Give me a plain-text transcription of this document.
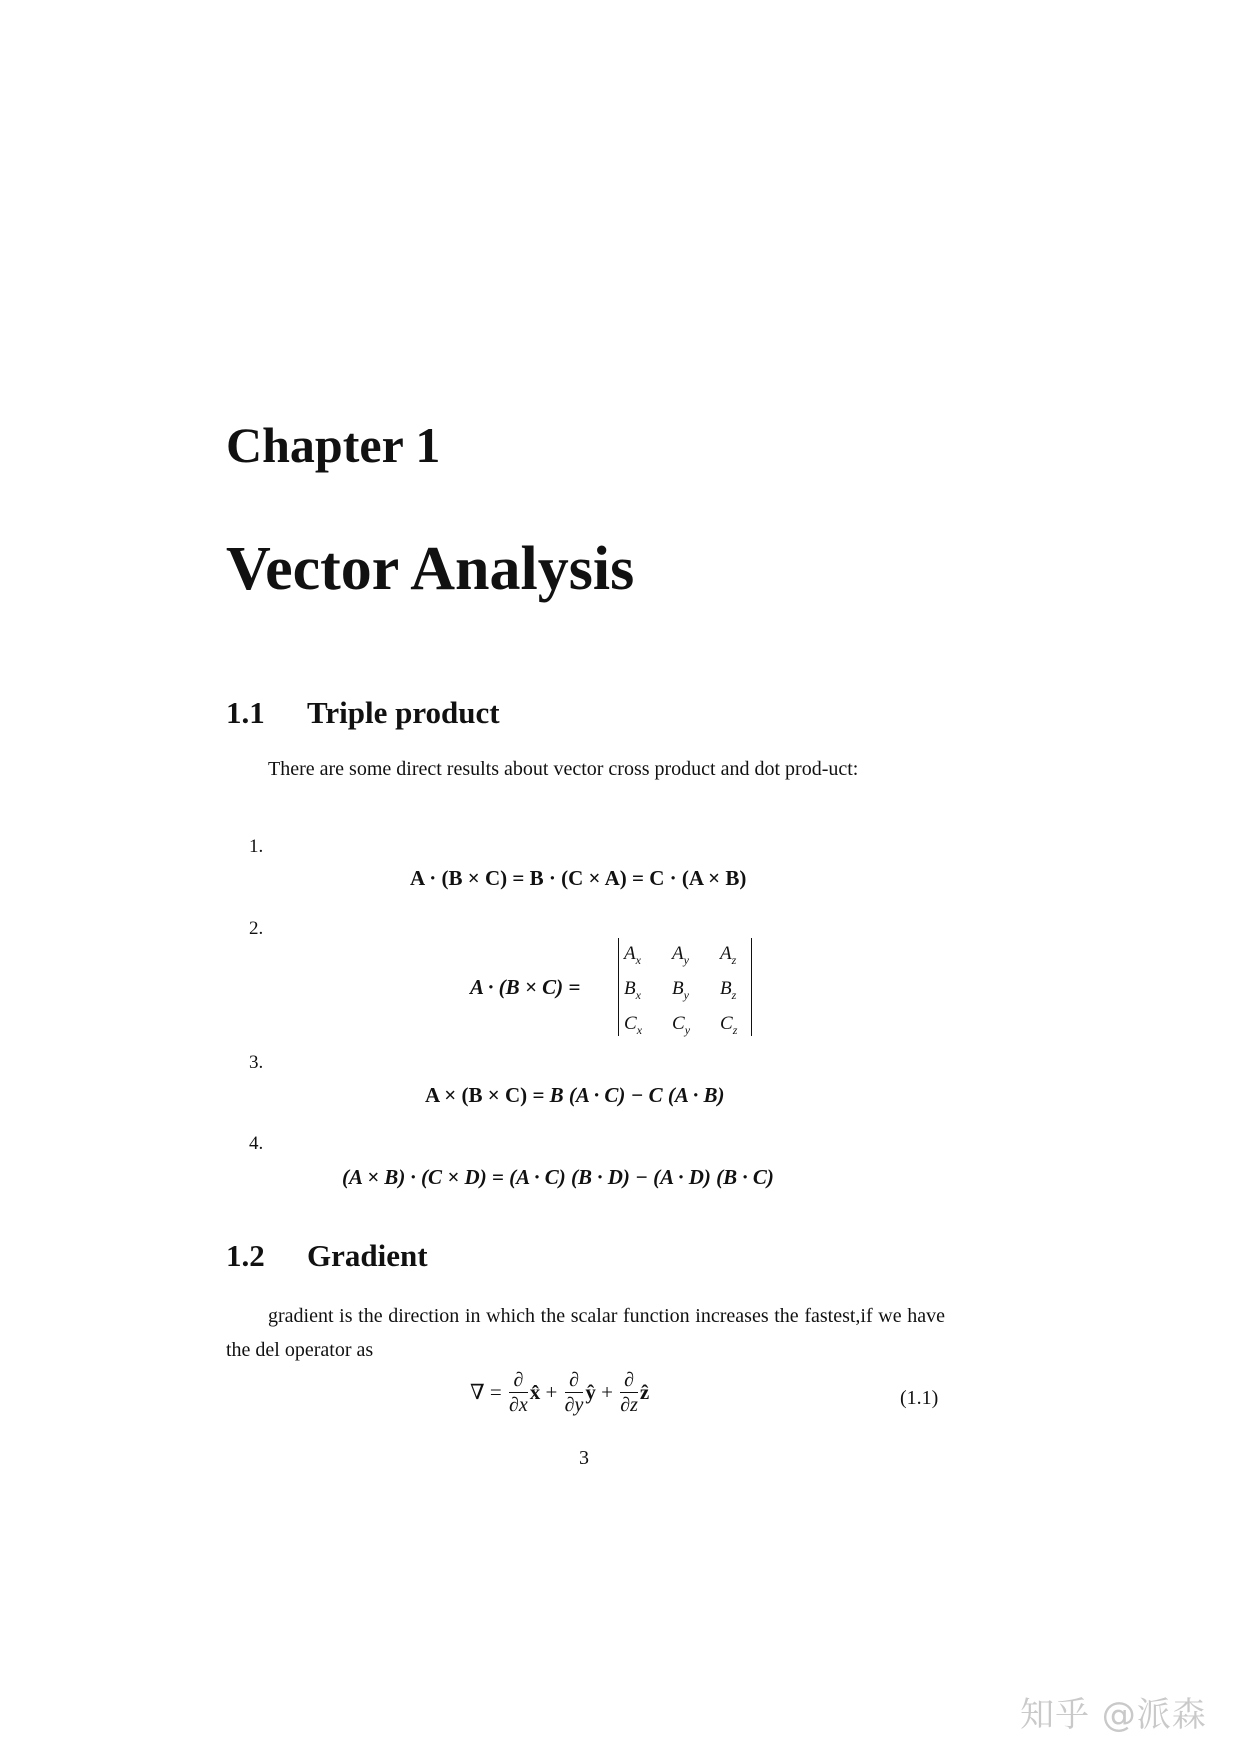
Chapter 1
Vector Analysis
1.1 Triple product
There are some direct results about vector cross product and dot prod-uct:
1.
A · (B × C) = B · (C × A) = C · (A × B)
2.
A · (B × C) =
$A_x$ $A_y$ $A_z$
$B_x$ $B_y$ $B_z$
$C_x$ $C_y$ $C_z$
3.
A × (B × C) = B (A · C) − C (A · B)
4.
(A × B) · (C × D) = (A · C) (B · D) − (A · D) (B · C)
1.2 Gradient
gradient is the direction in which the scalar function increases the fastest,if we have the del operator as
∇ = $\frac{\partial}{\partial x}$ x̂ + $\frac{\partial}{\partial y}$ ŷ + $\frac{\partial}{\partial z}$ ẑ	(1.1)
3
知乎 @派森
